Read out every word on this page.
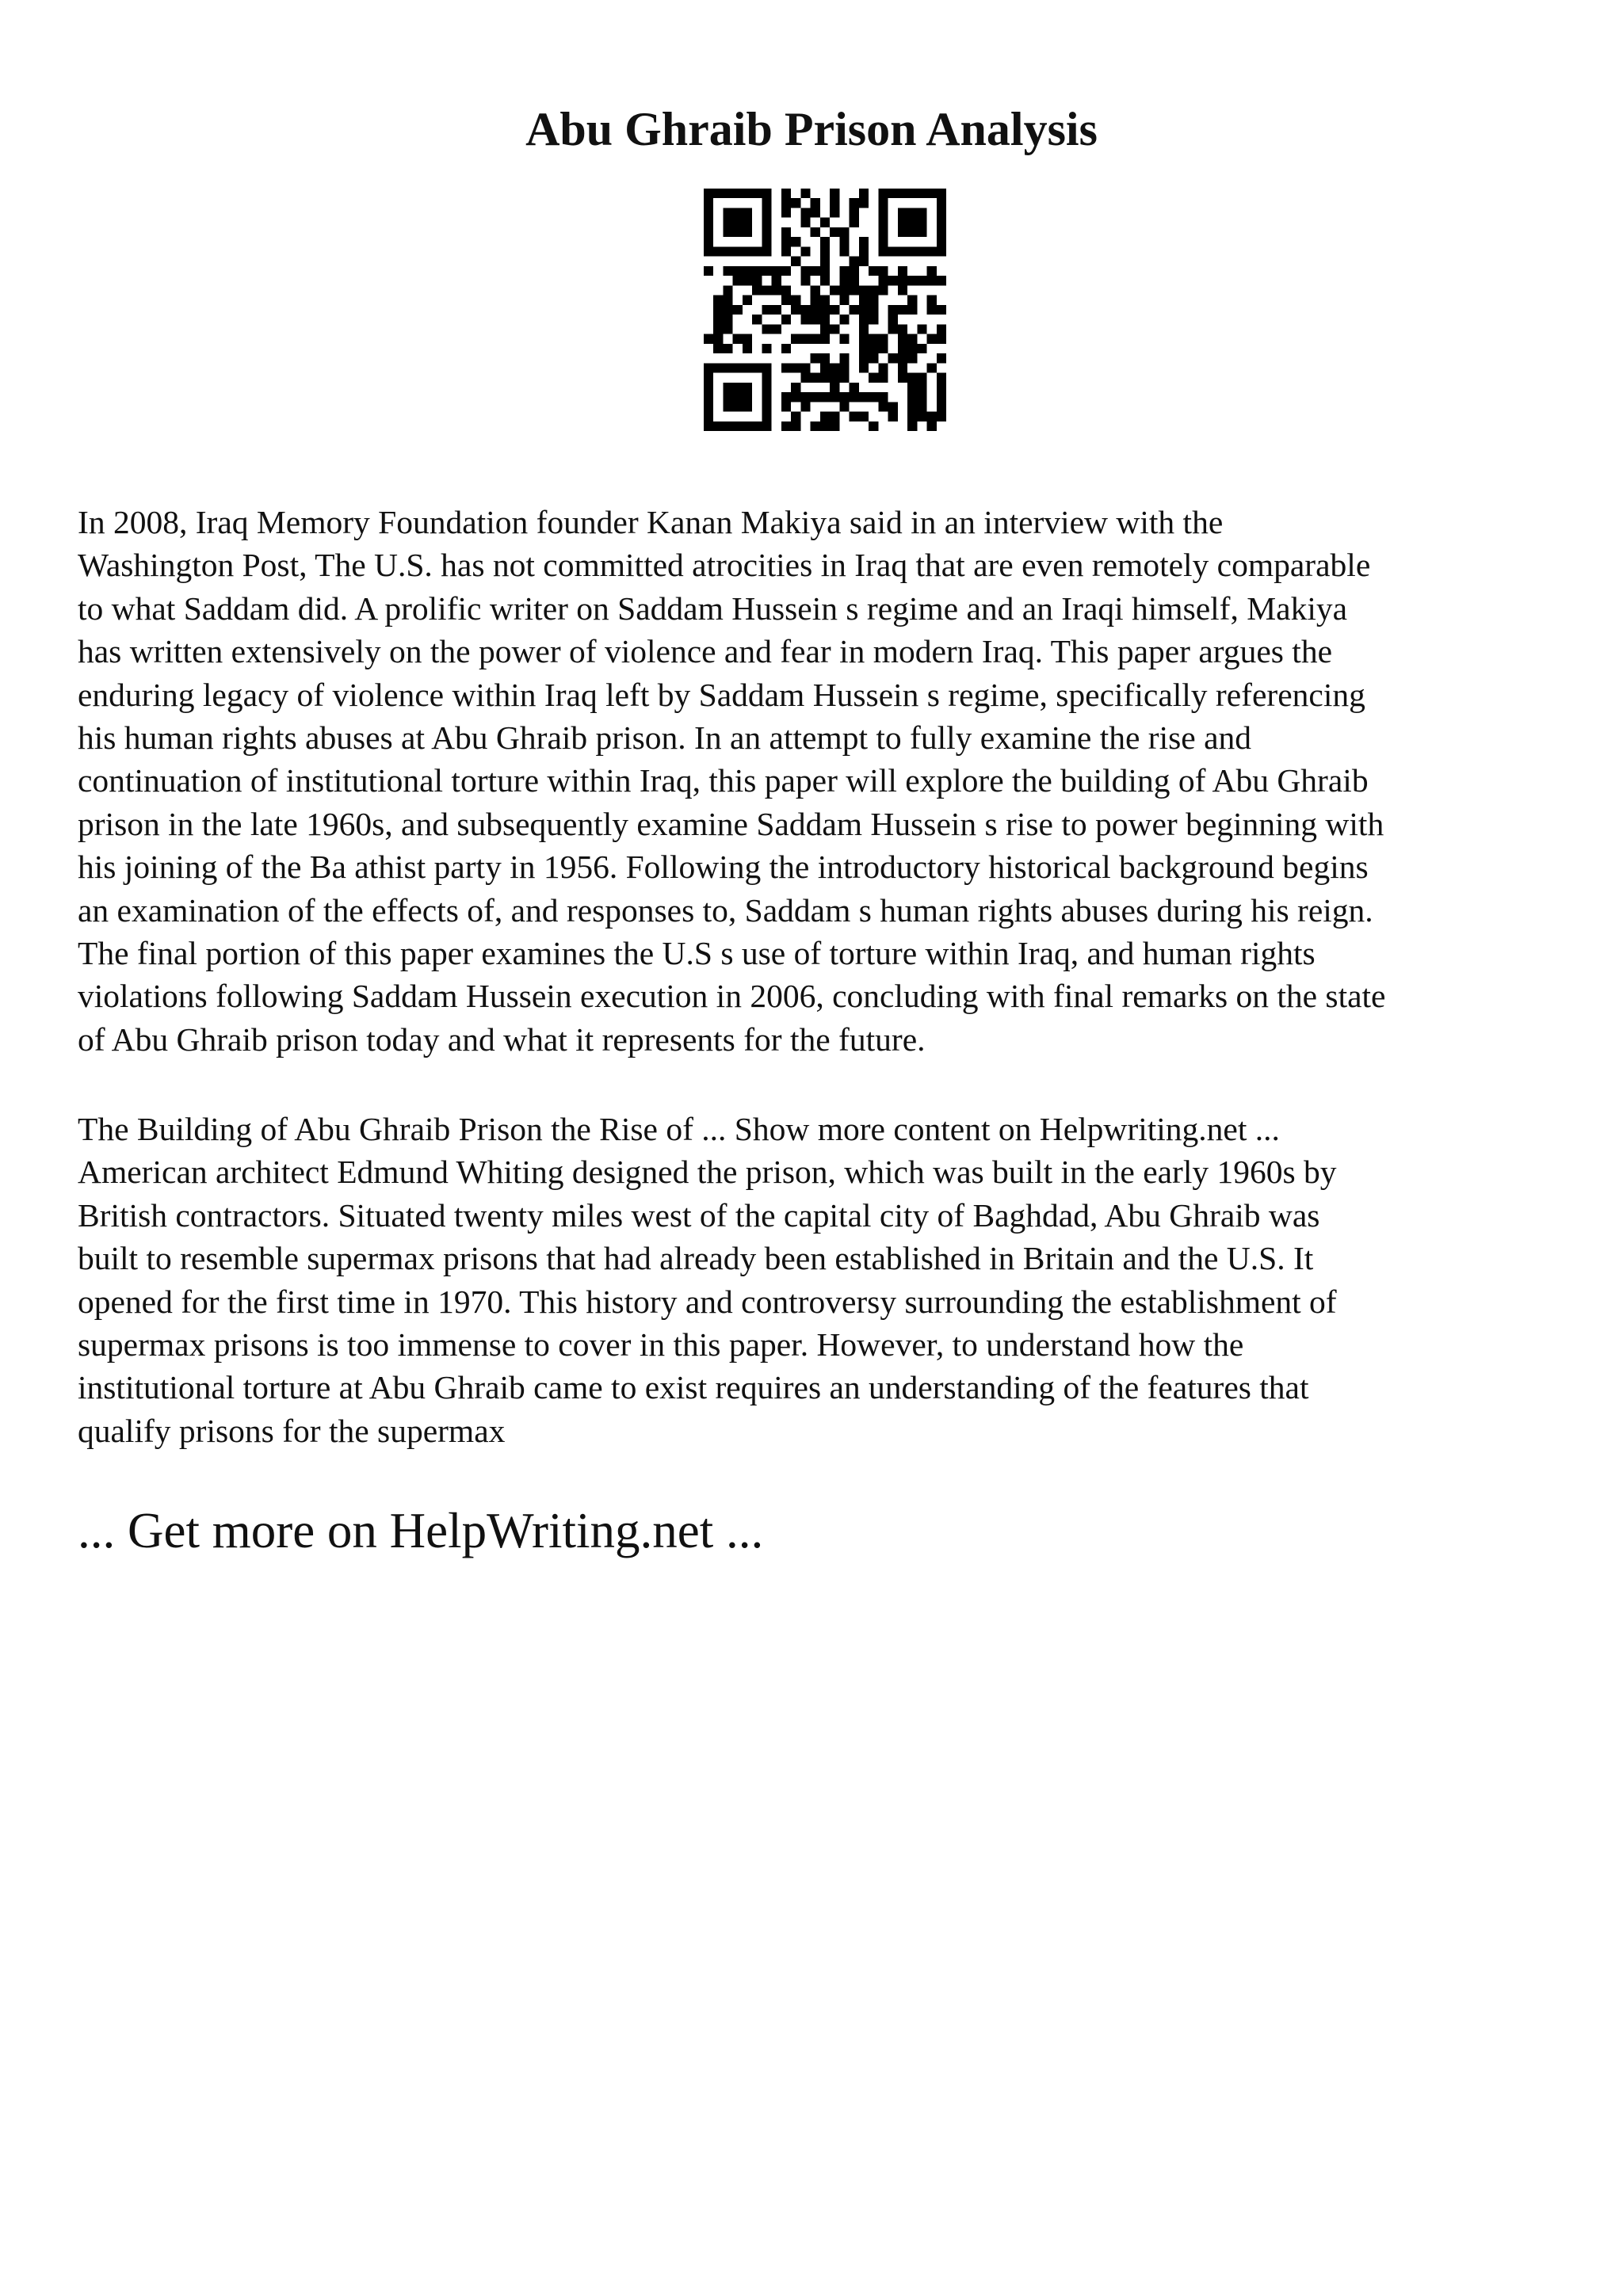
Abu Ghraib Prison Analysis

In 2008, Iraq Memory Foundation founder Kanan Makiya said in an interview with the
Washington Post, The U.S. has not committed atrocities in Iraq that are even remotely comparable
to what Saddam did. A prolific writer on Saddam Hussein s regime and an Iraqi himself, Makiya
has written extensively on the power of violence and fear in modern Iraq. This paper argues the
enduring legacy of violence within Iraq left by Saddam Hussein s regime, specifically referencing
his human rights abuses at Abu Ghraib prison. In an attempt to fully examine the rise and
continuation of institutional torture within Iraq, this paper will explore the building of Abu Ghraib
prison in the late 1960s, and subsequently examine Saddam Hussein s rise to power beginning with
his joining of the Ba athist party in 1956. Following the introductory historical background begins
an examination of the effects of, and responses to, Saddam s human rights abuses during his reign.
The final portion of this paper examines the U.S s use of torture within Iraq, and human rights
violations following Saddam Hussein execution in 2006, concluding with final remarks on the state
of Abu Ghraib prison today and what it represents for the future.

The Building of Abu Ghraib Prison the Rise of ... Show more content on Helpwriting.net ...
American architect Edmund Whiting designed the prison, which was built in the early 1960s by
British contractors. Situated twenty miles west of the capital city of Baghdad, Abu Ghraib was
built to resemble supermax prisons that had already been established in Britain and the U.S. It
opened for the first time in 1970. This history and controversy surrounding the establishment of
supermax prisons is too immense to cover in this paper. However, to understand how the
institutional torture at Abu Ghraib came to exist requires an understanding of the features that
qualify prisons for the supermax

... Get more on HelpWriting.net ...
